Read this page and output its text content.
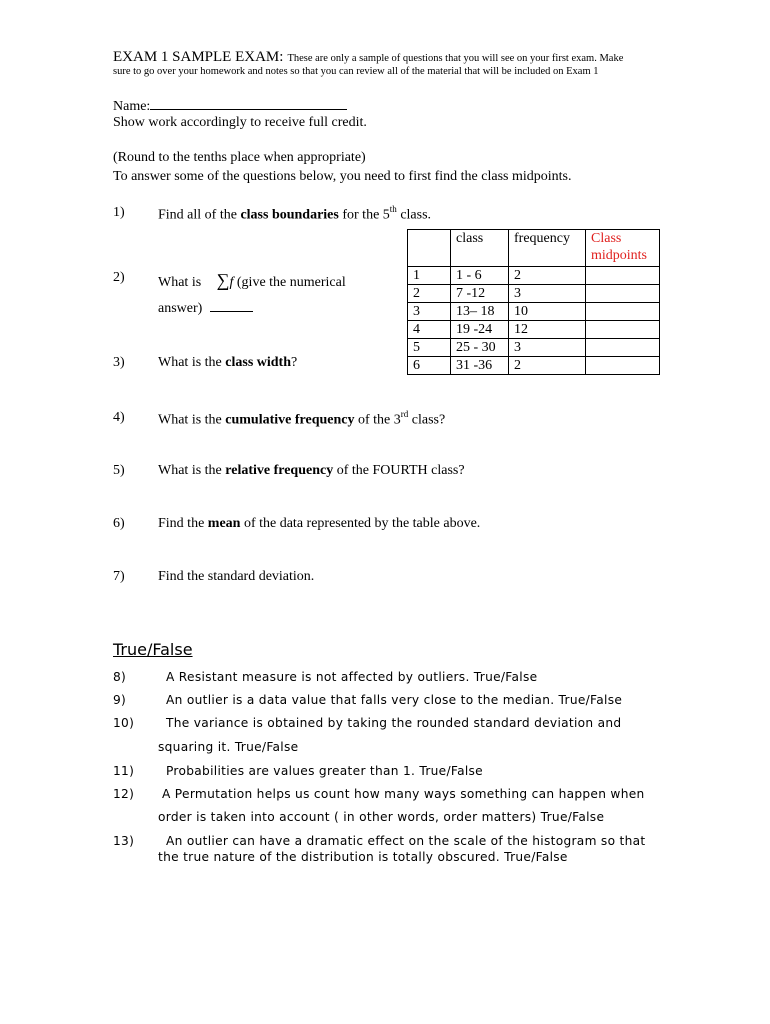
EXAM 1 SAMPLE EXAM: These are only a sample of questions that you will see on your first exam. Make
sure to go over your homework and notes so that you can review all of the material that will be included on Exam 1
Name:
Show work accordingly to receive full credit.
(Round to the tenths place when appropriate)
To answer some of the questions below, you need to first find the class midpoints.
1) Find all of the class boundaries for the 5th class.
2) What is ∑f (give the numerical
answer)
3) What is the class width?
	class	frequency	Class midpoints
1	1 - 6	2	
2	7 -12	3	
3	13– 18	10	
4	19 -24	12	
5	25 - 30	3	
6	31 -36	2	
4) What is the cumulative frequency of the 3rd class?
5) What is the relative frequency of the FOURTH class?
6) Find the mean of the data represented by the table above.
7) Find the standard deviation.
True/False
8)	A Resistant measure is not affected by outliers. True/False
9)	An outlier is a data value that falls very close to the median. True/False
10)	The variance is obtained by taking the rounded standard deviation and
squaring it. True/False
11)	Probabilities are values greater than 1. True/False
12) A Permutation helps us count how many ways something can happen when
order is taken into account ( in other words, order matters) True/False
13)	An outlier can have a dramatic effect on the scale of the histogram so that
the true nature of the distribution is totally obscured. True/False
